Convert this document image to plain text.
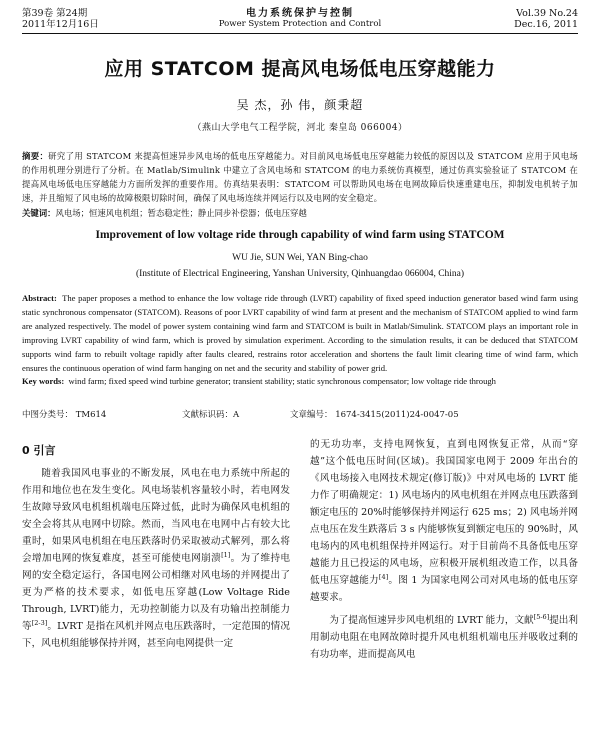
第39卷 第24期
2011年12月16日
电力系统保护与控制
Power System Protection and Control
Vol.39 No.24
Dec.16, 2011
应用 STATCOM 提高风电场低电压穿越能力
吴 杰，孙 伟，颜秉超
（燕山大学电气工程学院，河北 秦皇岛 066004）
摘要：研究了用 STATCOM 来提高恒速异步风电场的低电压穿越能力。对目前风电场低电压穿越能力较低的原因以及 STATCOM 应用于风电场的作用机理分别进行了分析。在 Matlab/Simulink 中建立了含风电场和 STATCOM 的电力系统仿真模型，通过仿真实验验证了 STATCOM 在提高风电场低电压穿越能力方面所发挥的重要作用。仿真结果表明：STATCOM 可以帮助风电场在电网故障后快速重建电压，抑制发电机转子加速，并且缩短了风电场的故障极限切除时间，确保了风电场连续并网运行以及电网的安全稳定。
关键词：风电场；恒速风电机组；暂态稳定性；静止同步补偿器；低电压穿越
Improvement of low voltage ride through capability of wind farm using STATCOM
WU Jie, SUN Wei, YAN Bing-chao
(Institute of Electrical Engineering, Yanshan University, Qinhuangdao 066004, China)
Abstract: The paper proposes a method to enhance the low voltage ride through (LVRT) capability of fixed speed induction generator based wind farm using static synchronous compensator (STATCOM). Reasons of poor LVRT capability of wind farm at present and the mechanism of STATCOM applied to wind farm are analyzed respectively. The model of power system containing wind farm and STATCOM is built in Matlab/Simulink. STATCOM plays an important role in improving LVRT capability of wind farm, which is proved by simulation experiment. According to the simulation results, it can be deduced that STATCOM supports wind farm to rebuilt voltage rapidly after faults cleared, restrains rotor acceleration and shortens the fault limit clearing time of wind farm, which ensures the continuous operation of wind farm hanging on net and the security and stability of power grid.
Key words: wind farm; fixed speed wind turbine generator; transient stability; static synchronous compensator; low voltage ride through
中图分类号： TM614	文献标识码：A	文章编号： 1674-3415(2011)24-0047-05
0 引言
随着我国风电事业的不断发展，风电在电力系统中所起的作用和地位也在发生变化。风电场装机容量较小时，若电网发生故障导致风电机组机端电压降过低，此时为确保风电机组的安全会将其从电网中切除。然而，当风电在电网中占有较大比重时，如果风电机组在电压跌落时仍采取被动式解列，那么将会增加电网的恢复难度，甚至可能使电网崩溃[1]。为了维持电网的安全稳定运行，各国电网公司相继对风电场的并网提出了更为严格的技术要求，如低电压穿越(Low Voltage Ride Through, LVRT)能力，无功控制能力以及有功输出控制能力等[2-3]。LVRT 是指在风机并网点电压跌落时，一定范围的情况下，风电机组能够保持并网，甚至向电网提供一定
的无功功率，支持电网恢复，直到电网恢复正常，从而“穿越”这个低电压时间(区域)。我国国家电网于 2009 年出台的《风电场接入电网技术规定(修订版)》中对风电场的 LVRT 能力作了明确规定：1) 风电场内的风电机组在并网点电压跌落到额定电压的 20%时能够保持并网运行 625 ms；2) 风电场并网点电压在发生跌落后 3 s 内能够恢复到额定电压的 90%时，风电场内的风电机组保持并网运行。对于目前尚不具备低电压穿越能力且已投运的风电场，应积极开展机组改造工作，以具备低电压穿越能力[4]。图 1 为国家电网公司对风电场的低电压穿越要求。
为了提高恒速异步风电机组的 LVRT 能力，文献[5-6]提出利用制动电阻在电网故障时提升风电机组机端电压并吸收过剩的有功功率，进而提高风电
